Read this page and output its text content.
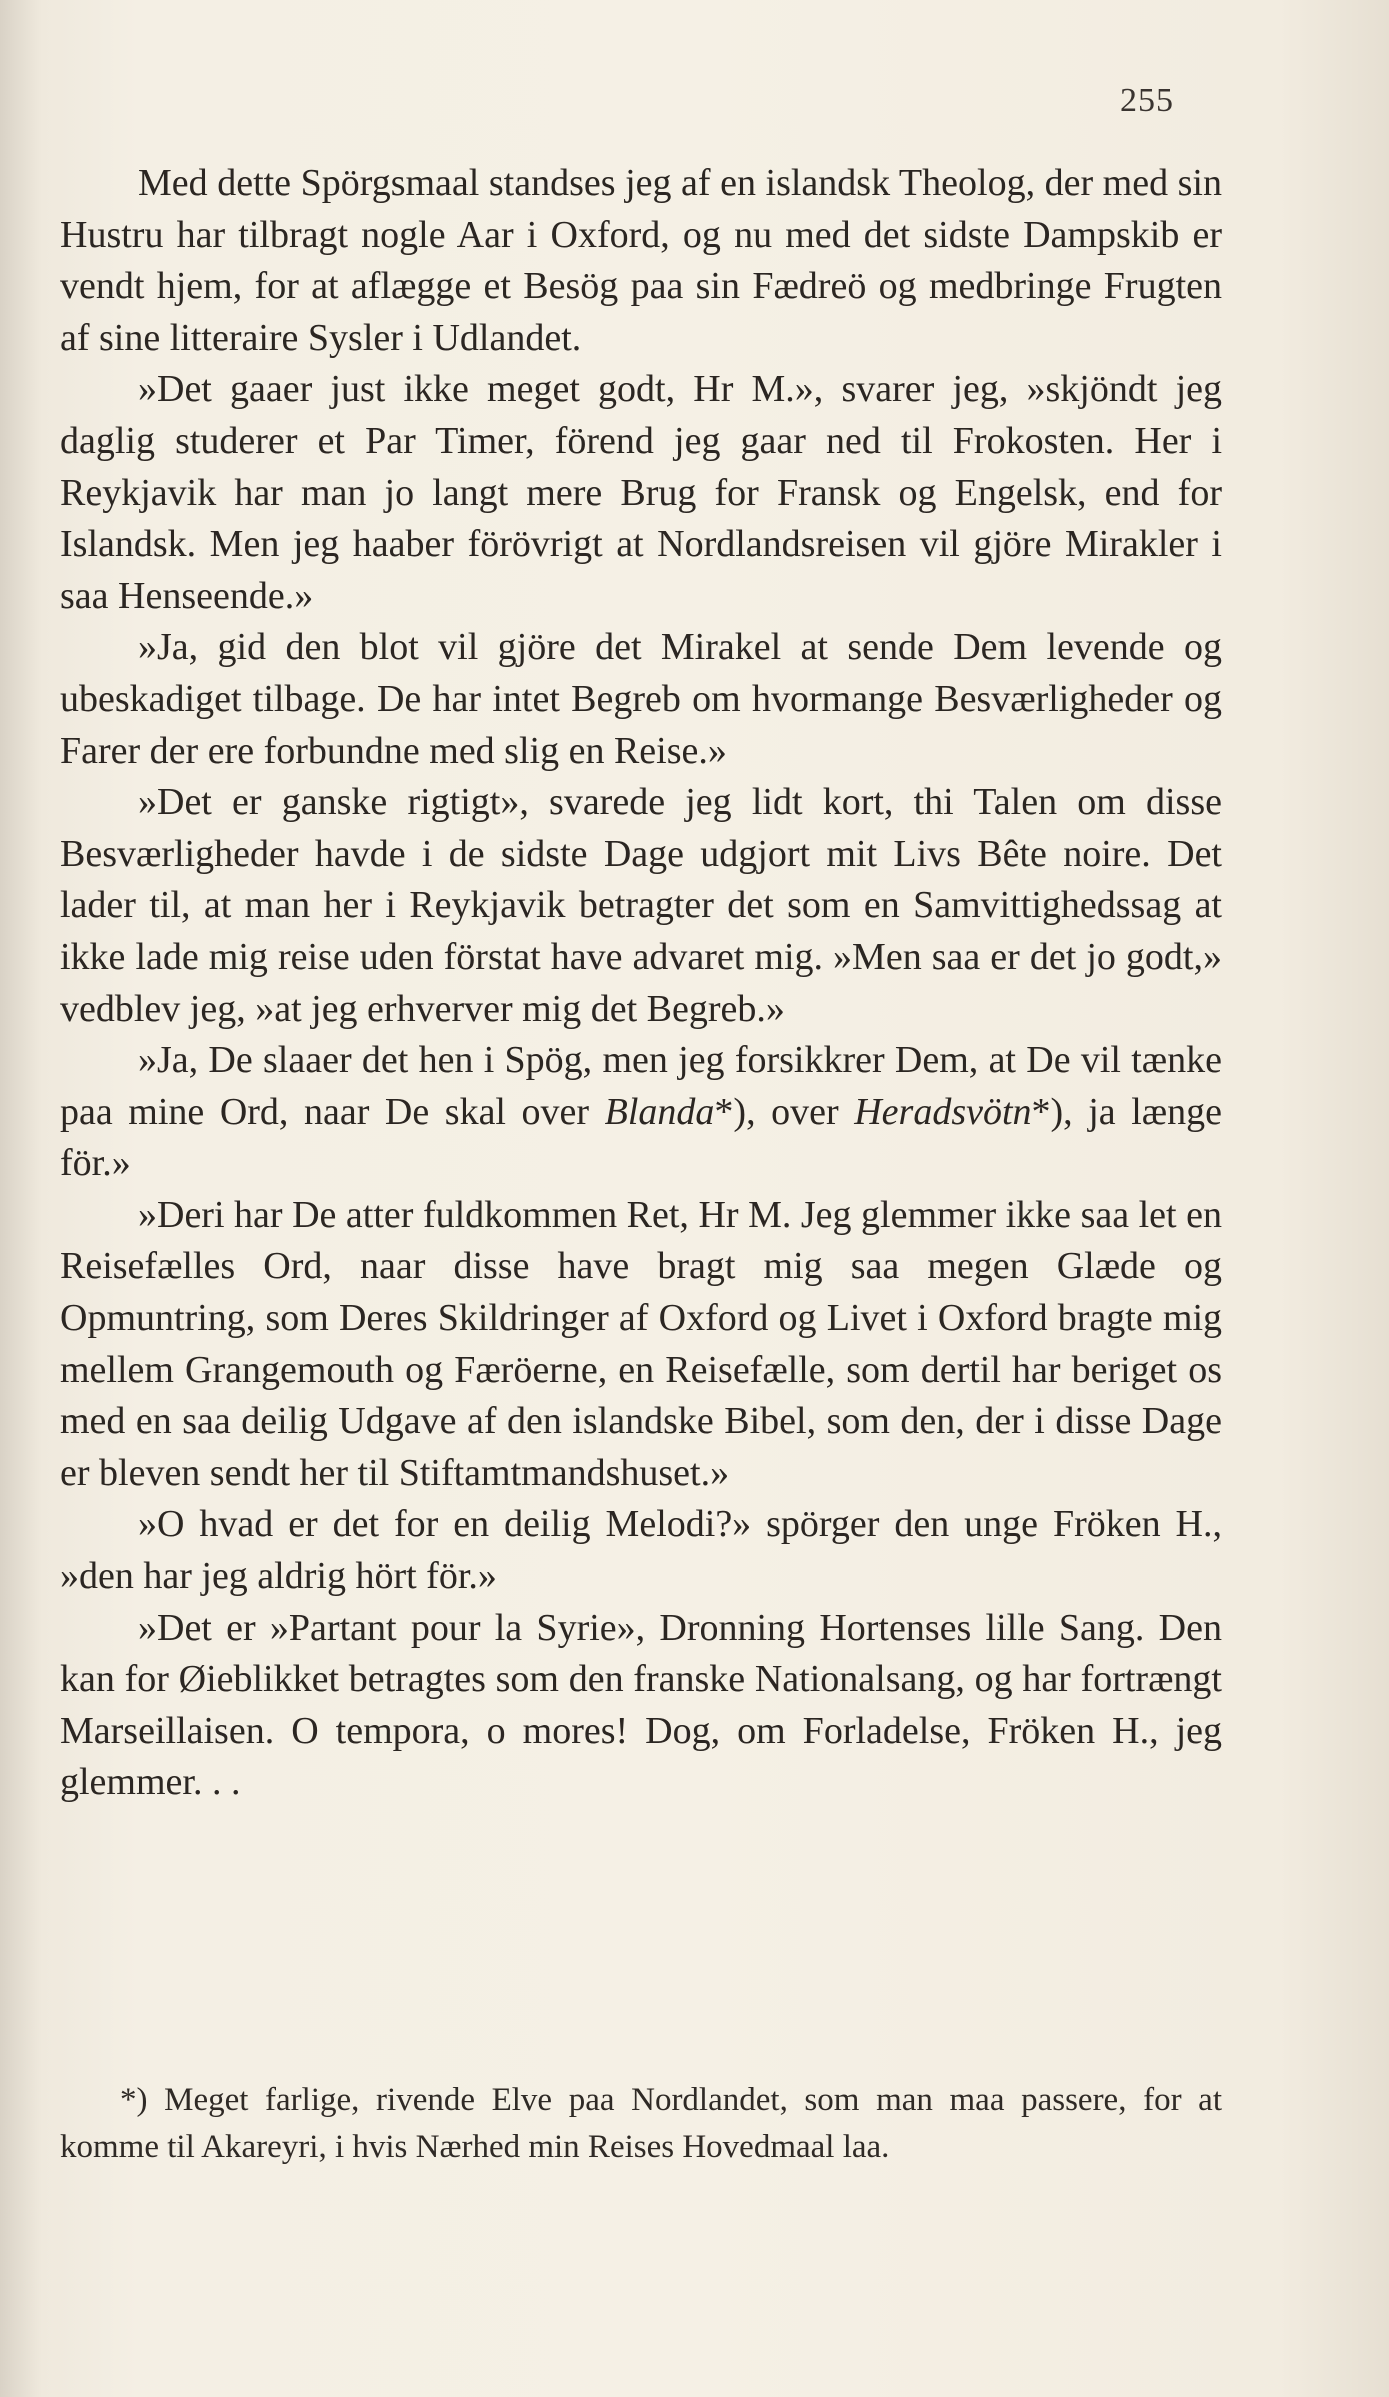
255

Med dette Spörgsmaal standses jeg af en islandsk Theolog, der med sin Hustru har tilbragt nogle Aar i Oxford, og nu med det sidste Dampskib er vendt hjem, for at aflægge et Besög paa sin Fædreö og medbringe Frugten af sine litteraire Sysler i Udlandet.

»Det gaaer just ikke meget godt, Hr M.», svarer jeg, »skjöndt jeg daglig studerer et Par Timer, förend jeg gaar ned til Frokosten. Her i Reykjavik har man jo langt mere Brug for Fransk og Engelsk, end for Islandsk. Men jeg haaber förövrigt at Nordlandsreisen vil gjöre Mirakler i saa Henseende.»

»Ja, gid den blot vil gjöre det Mirakel at sende Dem levende og ubeskadiget tilbage. De har intet Begreb om hvormange Besværligheder og Farer der ere forbundne med slig en Reise.»

»Det er ganske rigtigt», svarede jeg lidt kort, thi Talen om disse Besværligheder havde i de sidste Dage udgjort mit Livs Bête noire. Det lader til, at man her i Reykjavik betragter det som en Samvittighedssag at ikke lade mig reise uden förstat have advaret mig. »Men saa er det jo godt,» vedblev jeg, »at jeg erhverver mig det Begreb.»

»Ja, De slaaer det hen i Spög, men jeg forsikkrer Dem, at De vil tænke paa mine Ord, naar De skal over Blanda*), over Heradsvötn*), ja længe för.»

»Deri har De atter fuldkommen Ret, Hr M. Jeg glemmer ikke saa let en Reisefælles Ord, naar disse have bragt mig saa megen Glæde og Opmuntring, som Deres Skildringer af Oxford og Livet i Oxford bragte mig mellem Grangemouth og Færöerne, en Reisefælle, som dertil har beriget os med en saa deilig Udgave af den islandske Bibel, som den, der i disse Dage er bleven sendt her til Stiftamtmandshuset.»

»O hvad er det for en deilig Melodi?» spörger den unge Fröken H., »den har jeg aldrig hört för.»

»Det er »Partant pour la Syrie», Dronning Hortenses lille Sang. Den kan for Øieblikket betragtes som den franske Nationalsang, og har fortrængt Marseillaisen. O tempora, o mores! Dog, om Forladelse, Fröken H., jeg glemmer. . .

*) Meget farlige, rivende Elve paa Nordlandet, som man maa passere, for at komme til Akareyri, i hvis Nærhed min Reises Hovedmaal laa.
